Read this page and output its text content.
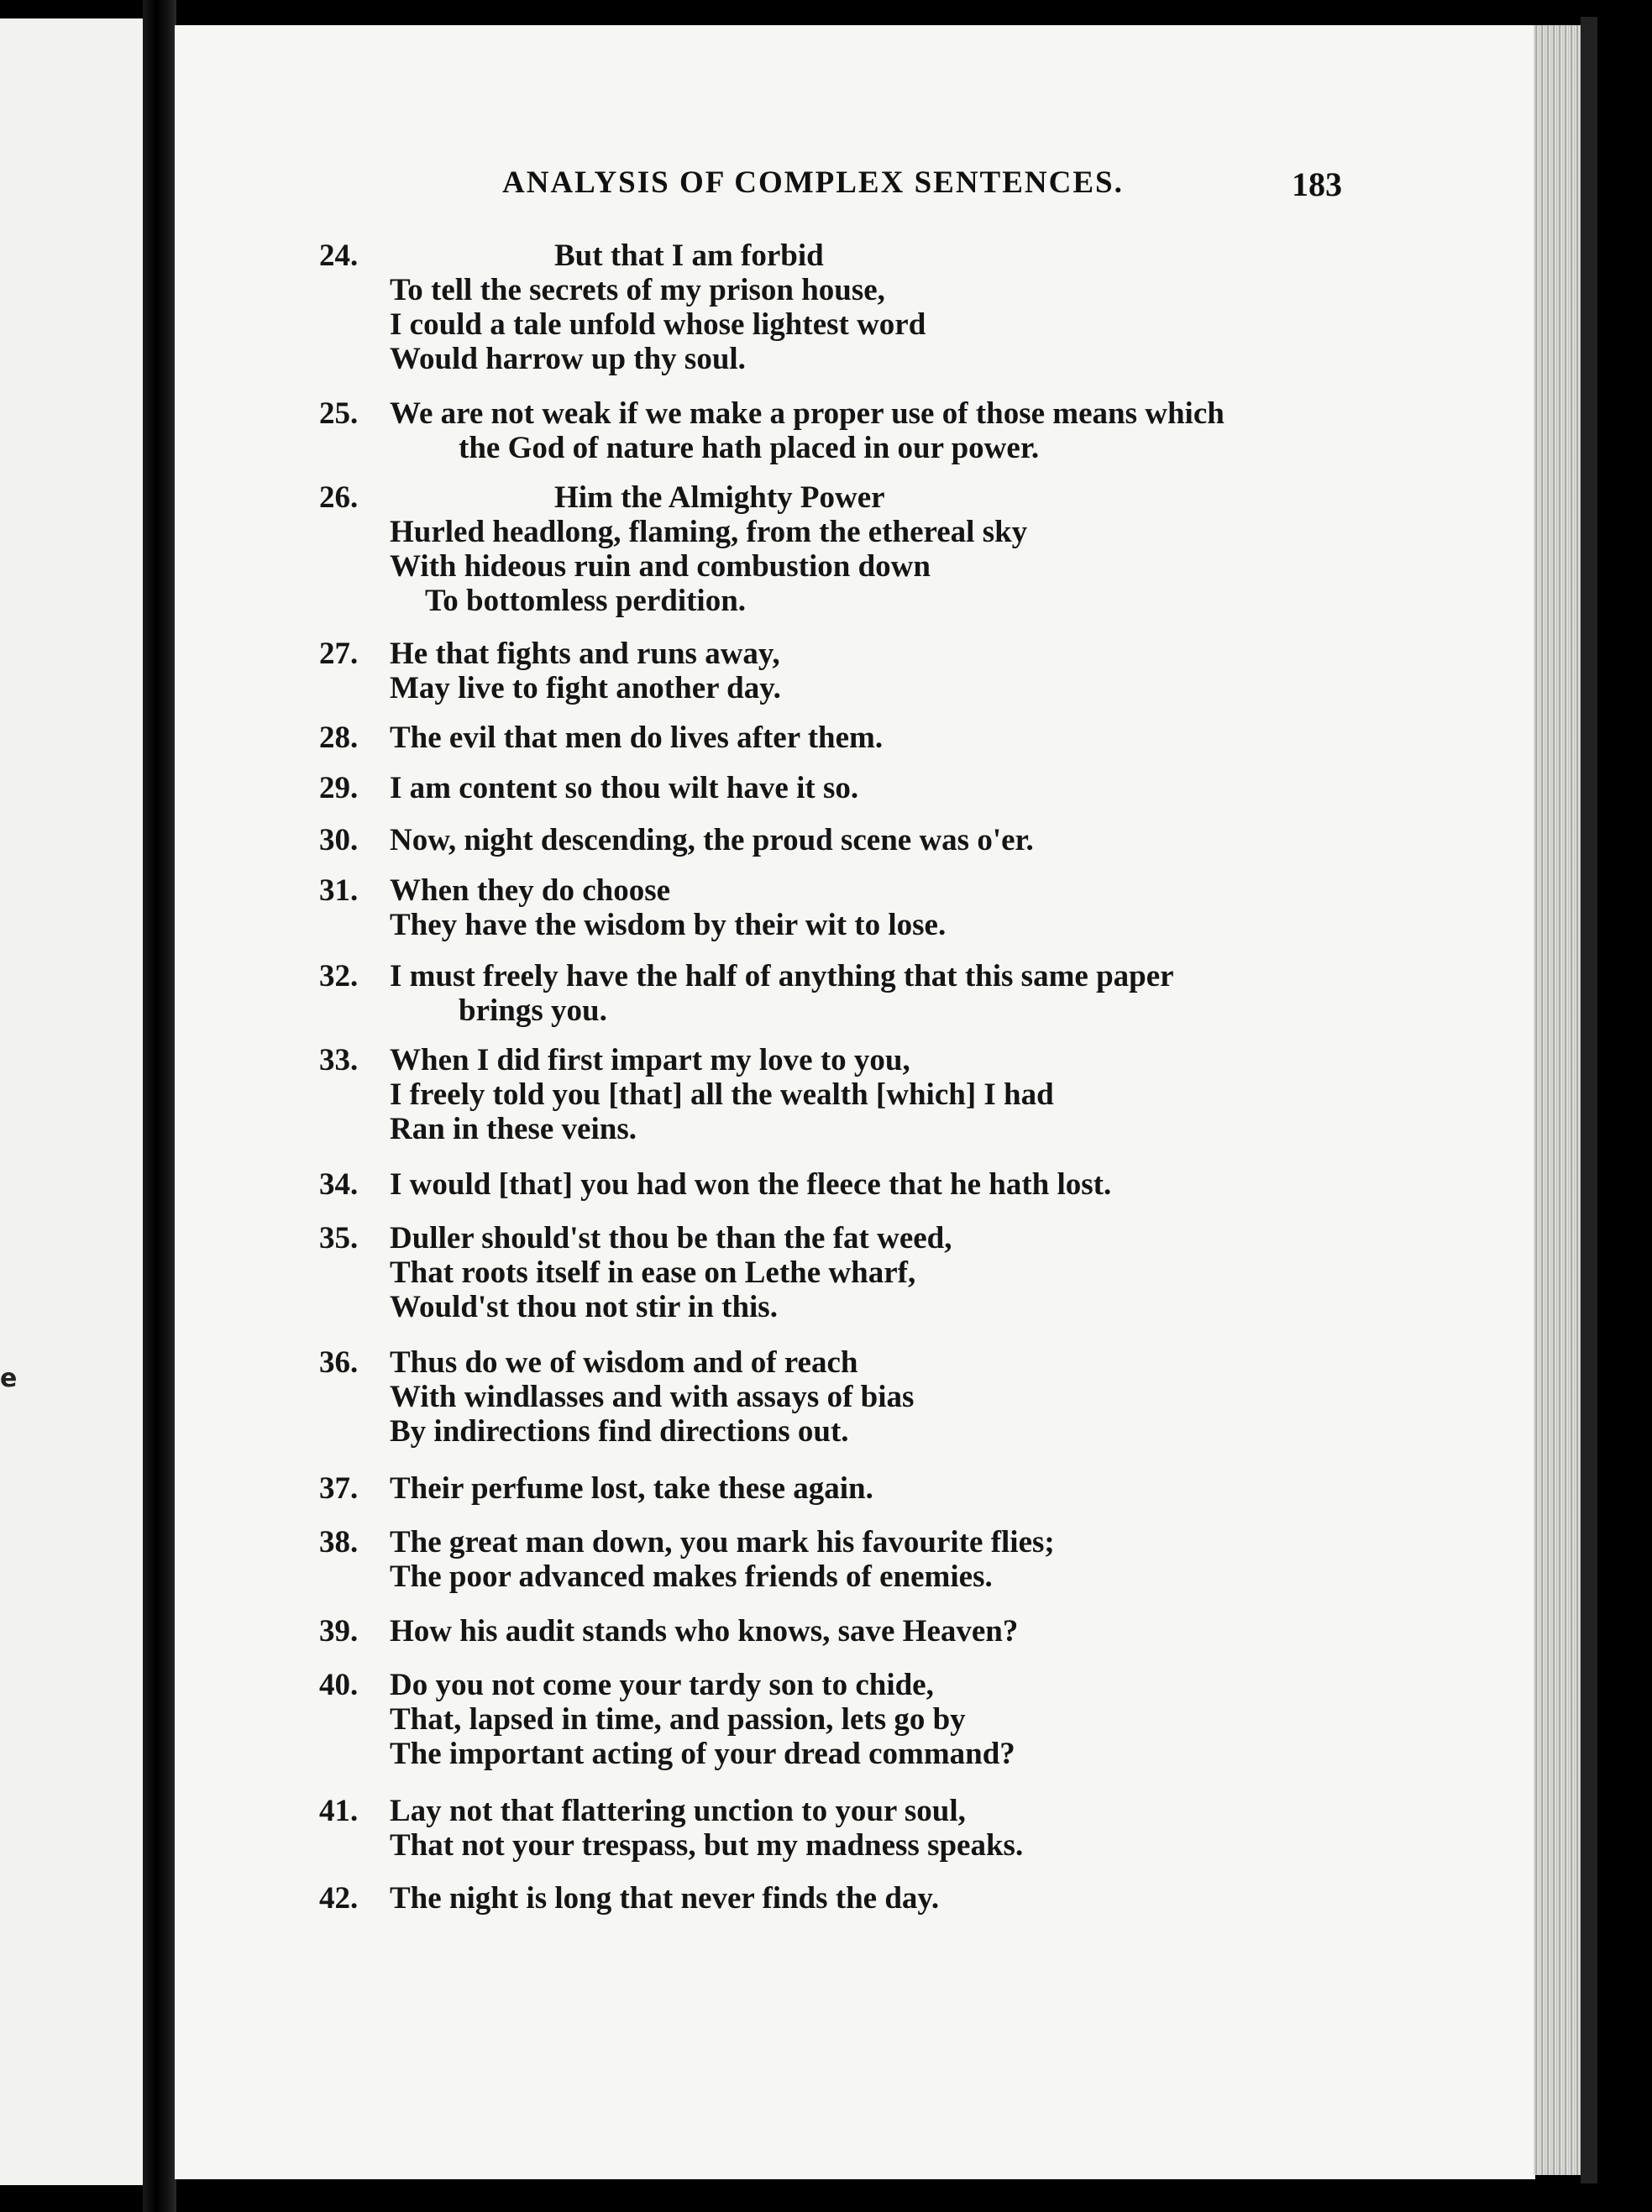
e
ANALYSIS OF COMPLEX SENTENCES.	183
24.	But that I am forbid
To tell the secrets of my prison house,
I could a tale unfold whose lightest word
Would harrow up thy soul.
25.	We are not weak if we make a proper use of those means which
the God of nature hath placed in our power.
26.	Him the Almighty Power
Hurled headlong, flaming, from the ethereal sky
With hideous ruin and combustion down
To bottomless perdition.
27.	He that fights and runs away,
May live to fight another day.
28.	The evil that men do lives after them.
29.	I am content so thou wilt have it so.
30.	Now, night descending, the proud scene was o'er.
31.	When they do choose
They have the wisdom by their wit to lose.
32.	I must freely have the half of anything that this same paper
brings you.
33.	When I did first impart my love to you,
I freely told you [that] all the wealth [which] I had
Ran in these veins.
34.	I would [that] you had won the fleece that he hath lost.
35.	Duller should'st thou be than the fat weed,
That roots itself in ease on Lethe wharf,
Would'st thou not stir in this.
36.	Thus do we of wisdom and of reach
With windlasses and with assays of bias
By indirections find directions out.
37.	Their perfume lost, take these again.
38.	The great man down, you mark his favourite flies;
The poor advanced makes friends of enemies.
39.	How his audit stands who knows, save Heaven?
40.	Do you not come your tardy son to chide,
That, lapsed in time, and passion, lets go by
The important acting of your dread command?
41.	Lay not that flattering unction to your soul,
That not your trespass, but my madness speaks.
42.	The night is long that never finds the day.
